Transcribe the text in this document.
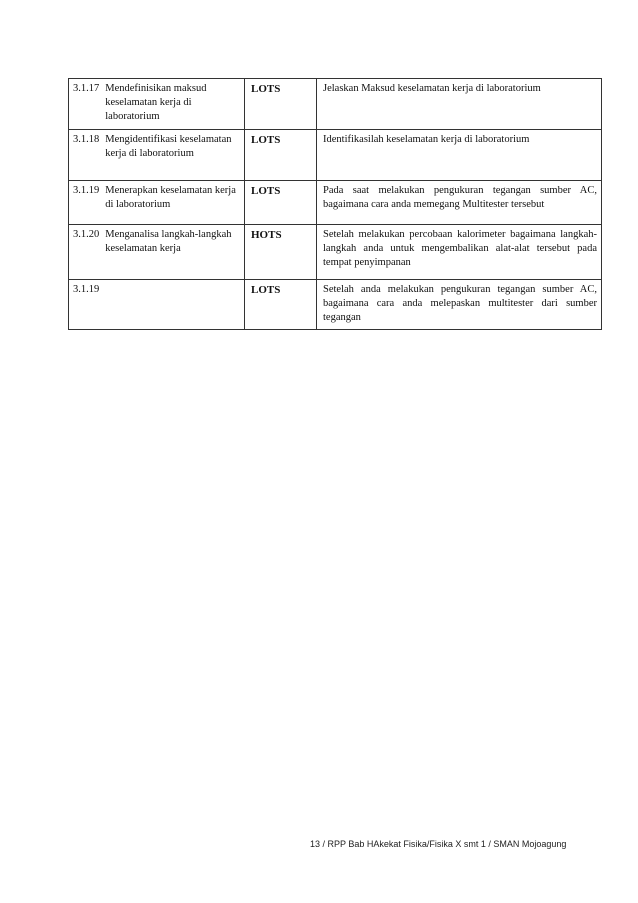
3.1.17 Mendefinisikan maksud keselamatan kerja di laboratorium	LOTS	Jelaskan Maksud keselamatan kerja di laboratorium

3.1.18 Mengidentifikasi keselamatan kerja di laboratorium	LOTS	Identifikasilah keselamatan kerja di laboratorium

3.1.19 Menerapkan keselamatan kerja di laboratorium	LOTS	Pada saat melakukan pengukuran tegangan sumber AC, bagaimana cara anda memegang Multitester tersebut

3.1.20 Menganalisa langkah-langkah keselamatan kerja	HOTS	Setelah melakukan percobaan kalorimeter bagaimana langkah-langkah anda untuk mengembalikan alat-alat tersebut pada tempat penyimpanan

3.1.19	LOTS	Setelah anda melakukan pengukuran tegangan sumber AC, bagaimana cara anda melepaskan multitester dari sumber tegangan
13 / RPP Bab HAkekat Fisika/Fisika X smt 1 / SMAN Mojoagung
